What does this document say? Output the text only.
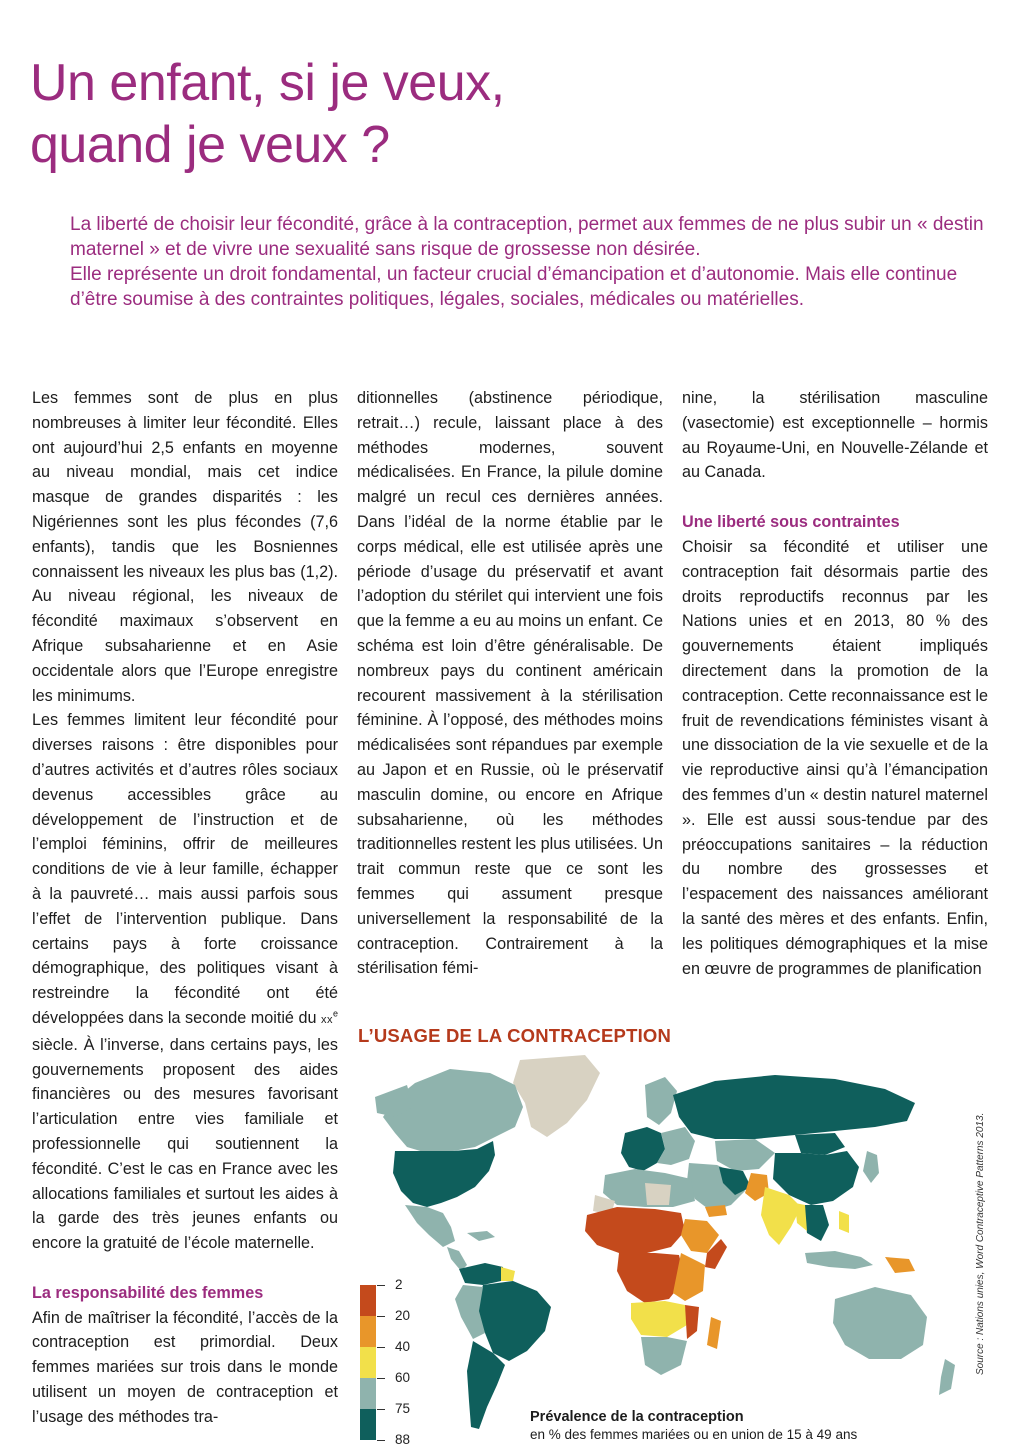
Un enfant, si je veux,
quand je veux ?

La liberté de choisir leur fécondité, grâce à la contraception, permet aux femmes de ne plus subir un « destin maternel » et de vivre une sexualité sans risque de grossesse non désirée.

Elle représente un droit fondamental, un facteur crucial d’émancipation et d’autonomie. Mais elle continue d’être soumise à des contraintes politiques, légales, sociales, médicales ou matérielles.

Les femmes sont de plus en plus nombreuses à limiter leur fécondité. Elles ont aujourd’hui 2,5 enfants en moyenne au niveau mondial, mais cet indice masque de grandes disparités : les Nigériennes sont les plus fécondes (7,6 enfants), tandis que les Bosniennes connaissent les niveaux les plus bas (1,2). Au niveau régional, les niveaux de fécondité maximaux s’observent en Afrique subsaharienne et en Asie occidentale alors que l’Europe enregistre les minimums.

Les femmes limitent leur fécondité pour diverses raisons : être disponibles pour d’autres activités et d’autres rôles sociaux devenus accessibles grâce au développement de l’instruction et de l’emploi féminins, offrir de meilleures conditions de vie à leur famille, échapper à la pauvreté… mais aussi parfois sous l’effet de l’intervention publique. Dans certains pays à forte croissance démographique, des politiques visant à restreindre la fécondité ont été développées dans la seconde moitié du $xx^e$ siècle. À l’inverse, dans certains pays, les gouvernements proposent des aides financières ou des mesures favorisant l’articulation entre vies familiale et professionnelle qui soutiennent la fécondité. C’est le cas en France avec les allocations familiales et surtout les aides à la garde des très jeunes enfants ou encore la gratuité de l’école maternelle.

La responsabilité des femmes

Afin de maîtriser la fécondité, l’accès de la contraception est primordial. Deux femmes mariées sur trois dans le monde utilisent un moyen de contraception et l’usage des méthodes tra-

ditionnelles (abstinence périodique, retrait…) recule, laissant place à des méthodes modernes, souvent médicalisées. En France, la pilule domine malgré un recul ces dernières années. Dans l’idéal de la norme établie par le corps médical, elle est utilisée après une période d’usage du préservatif et avant l’adoption du stérilet qui intervient une fois que la femme a eu au moins un enfant. Ce schéma est loin d’être généralisable. De nombreux pays du continent américain recourent massivement à la stérilisation féminine. À l’opposé, des méthodes moins médicalisées sont répandues par exemple au Japon et en Russie, où le préservatif masculin domine, ou encore en Afrique subsaharienne, où les méthodes traditionnelles restent les plus utilisées. Un trait commun reste que ce sont les femmes qui assument presque universellement la responsabilité de la contraception. Contrairement à la stérilisation fémi-

nine, la stérilisation masculine (vasectomie) est exceptionnelle – hormis au Royaume-Uni, en Nouvelle-Zélande et au Canada.

Une liberté sous contraintes

Choisir sa fécondité et utiliser une contraception fait désormais partie des droits reproductifs reconnus par les Nations unies et en 2013, 80 % des gouvernements étaient impliqués directement dans la promotion de la contraception. Cette reconnaissance est le fruit de revendications féministes visant à une dissociation de la vie sexuelle et de la vie reproductive ainsi qu’à l’émancipation des femmes d’un « destin naturel maternel ». Elle est aussi sous-tendue par des préoccupations sanitaires – la réduction du nombre des grossesses et l’espacement des naissances améliorant la santé des mères et des enfants. Enfin, les politiques démographiques et la mise en œuvre de programmes de planification

L’USAGE DE LA CONTRACEPTION
2
20
40
60
75
88
Prévalence de la contraception
en % des femmes mariées ou en union de 15 à 49 ans
Source : Nations unies, Word Contraceptive Patterns 2013.
